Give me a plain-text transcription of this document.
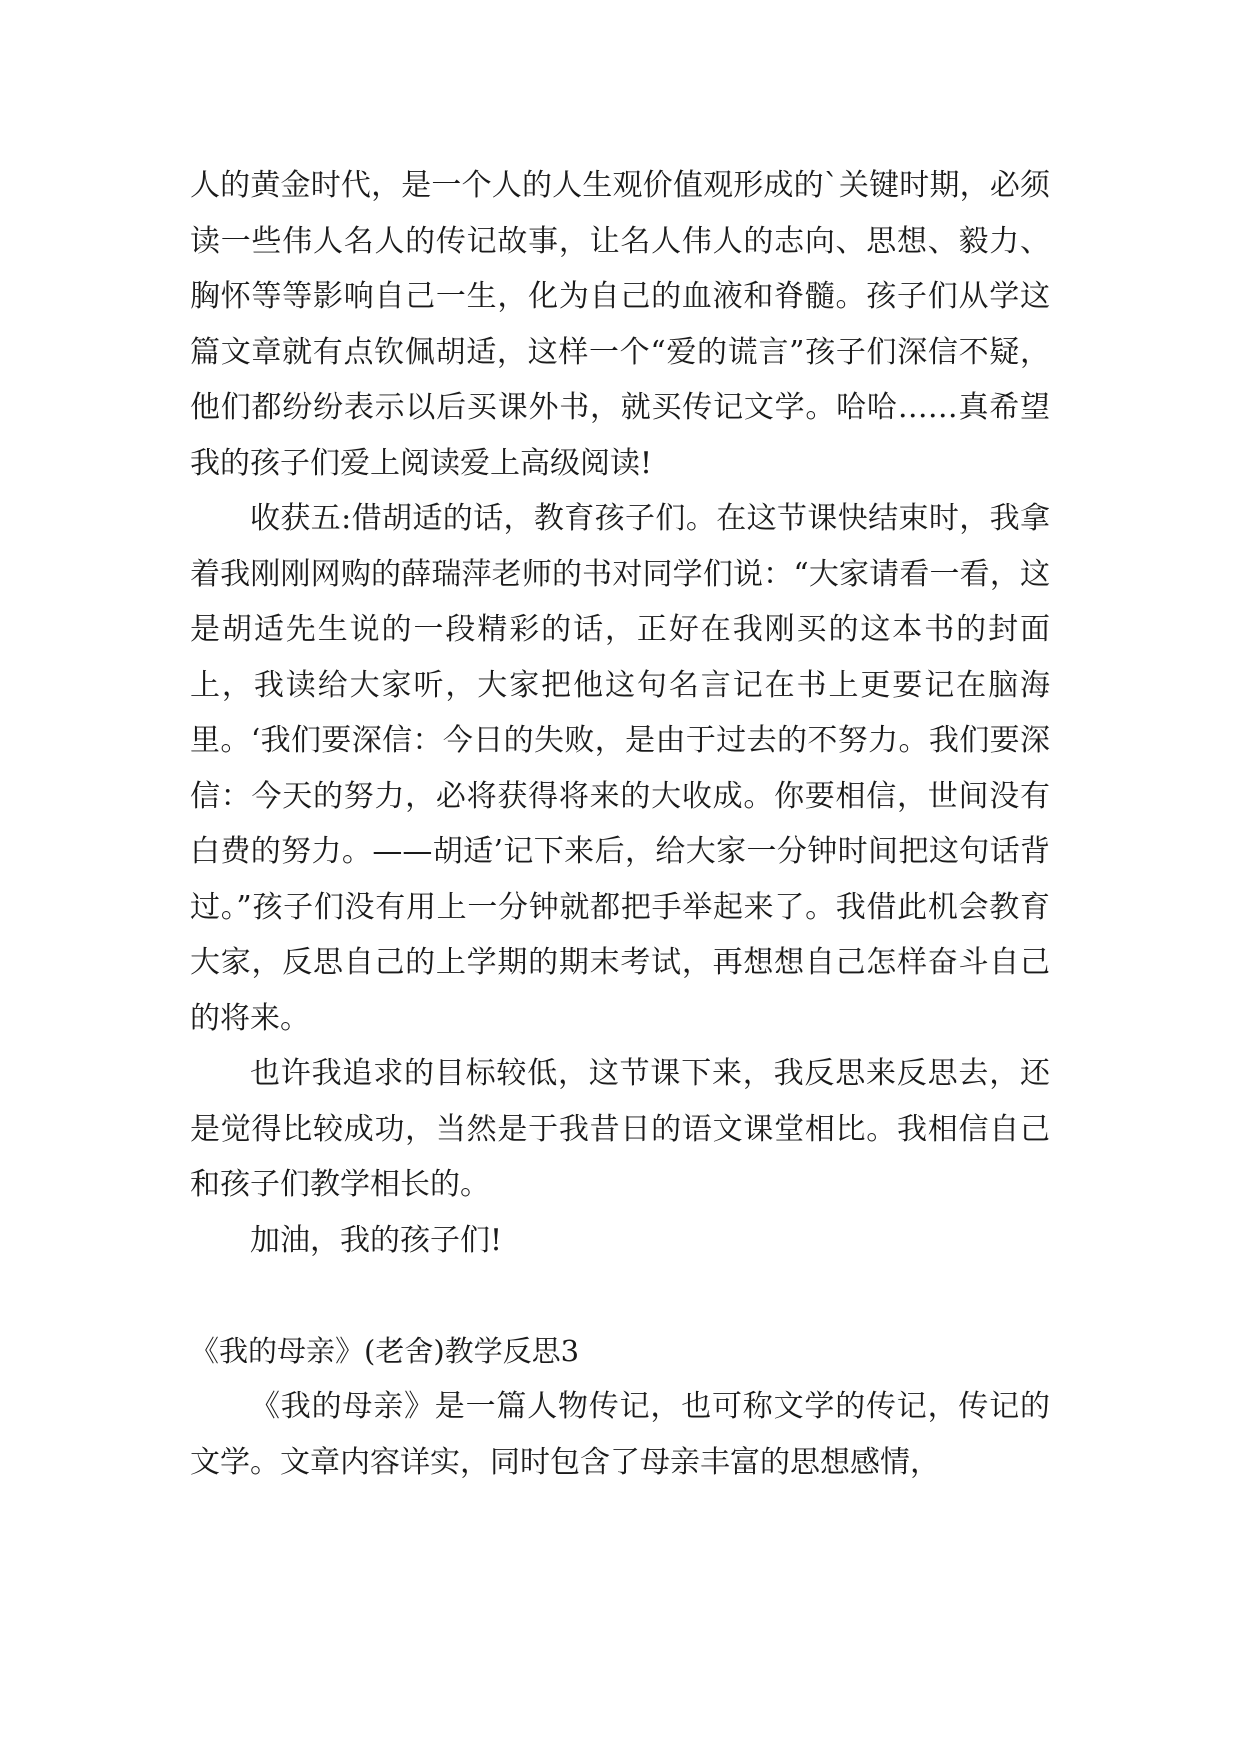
人的黄金时代，是一个人的人生观价值观形成的`关键时期，必须读一些伟人名人的传记故事，让名人伟人的志向、思想、毅力、胸怀等等影响自己一生，化为自己的血液和脊髓。孩子们从学这篇文章就有点钦佩胡适，这样一个“爱的谎言”孩子们深信不疑，他们都纷纷表示以后买课外书，就买传记文学。哈哈……真希望我的孩子们爱上阅读爱上高级阅读!

收获五:借胡适的话，教育孩子们。在这节课快结束时，我拿着我刚刚网购的薛瑞萍老师的书对同学们说：“大家请看一看，这是胡适先生说的一段精彩的话，正好在我刚买的这本书的封面上，我读给大家听，大家把他这句名言记在书上更要记在脑海里。‘我们要深信：今日的失败，是由于过去的不努力。我们要深信：今天的努力，必将获得将来的大收成。你要相信，世间没有白费的努力。——胡适’记下来后，给大家一分钟时间把这句话背过。”孩子们没有用上一分钟就都把手举起来了。我借此机会教育大家，反思自己的上学期的期末考试，再想想自己怎样奋斗自己的将来。

也许我追求的目标较低，这节课下来，我反思来反思去，还是觉得比较成功，当然是于我昔日的语文课堂相比。我相信自己和孩子们教学相长的。

加油，我的孩子们!

《我的母亲》(老舍)教学反思3

《我的母亲》是一篇人物传记，也可称文学的传记，传记的文学。文章内容详实，同时包含了母亲丰富的思想感情，
